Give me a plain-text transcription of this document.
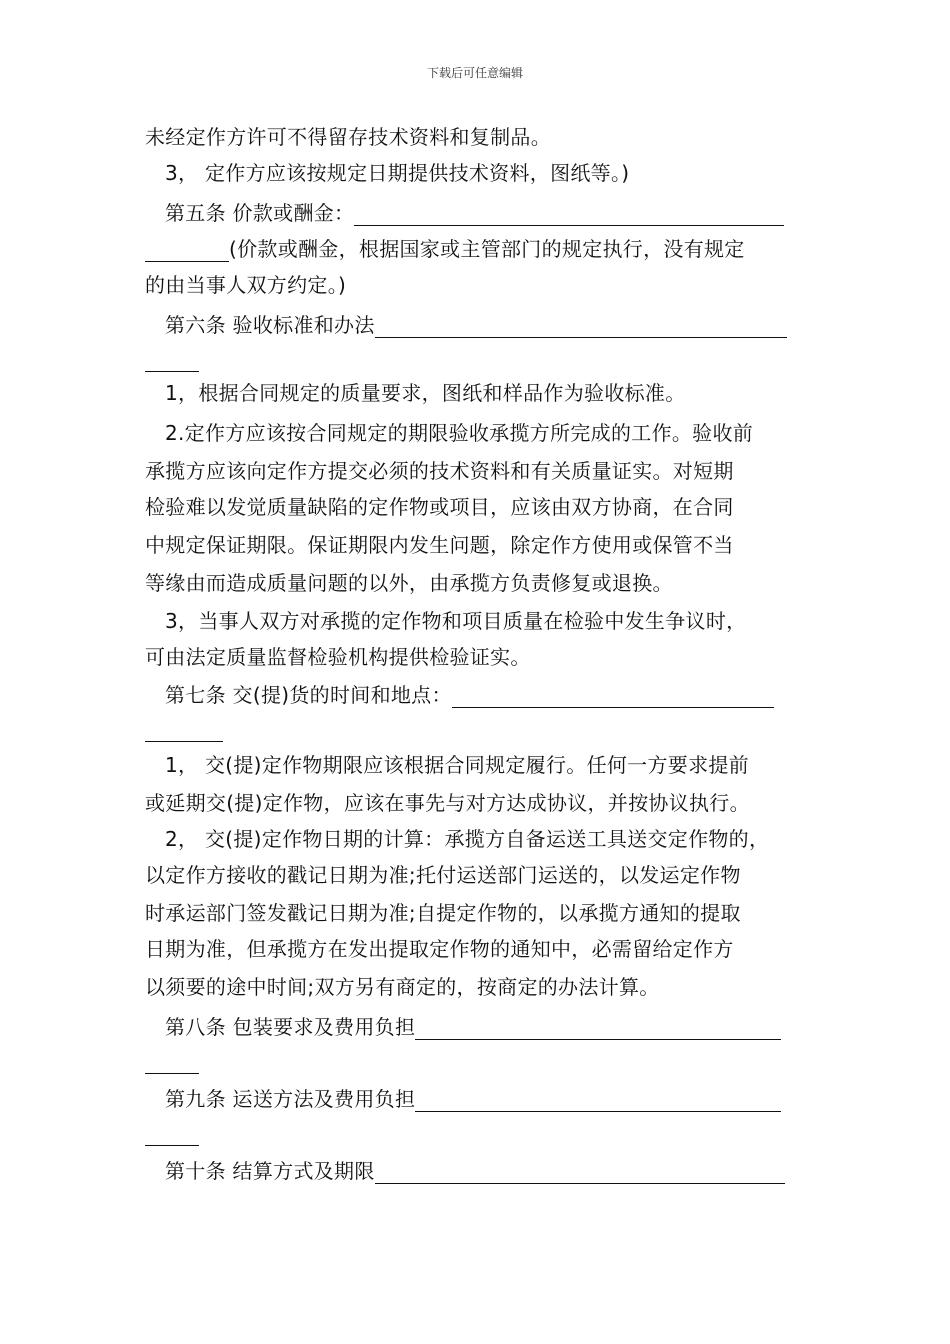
下载后可任意编辑
未经定作方许可不得留存技术资料和复制品。
3， 定作方应该按规定日期提供技术资料，图纸等。)
第五条 价款或酬金：
(价款或酬金，根据国家或主管部门的规定执行，没有规定
的由当事人双方约定。)
第六条 验收标准和办法
1，根据合同规定的质量要求，图纸和样品作为验收标准。
2.定作方应该按合同规定的期限验收承揽方所完成的工作。验收前
承揽方应该向定作方提交必须的技术资料和有关质量证实。对短期
检验难以发觉质量缺陷的定作物或项目，应该由双方协商，在合同
中规定保证期限。保证期限内发生问题，除定作方使用或保管不当
等缘由而造成质量问题的以外，由承揽方负责修复或退换。
3，当事人双方对承揽的定作物和项目质量在检验中发生争议时，
可由法定质量监督检验机构提供检验证实。
第七条 交(提)货的时间和地点：
1， 交(提)定作物期限应该根据合同规定履行。任何一方要求提前
或延期交(提)定作物，应该在事先与对方达成协议，并按协议执行。
2， 交(提)定作物日期的计算：承揽方自备运送工具送交定作物的，
以定作方接收的戳记日期为准;托付运送部门运送的，以发运定作物
时承运部门签发戳记日期为准;自提定作物的，以承揽方通知的提取
日期为准，但承揽方在发出提取定作物的通知中，必需留给定作方
以须要的途中时间;双方另有商定的，按商定的办法计算。
第八条 包装要求及费用负担
第九条 运送方法及费用负担
第十条 结算方式及期限
